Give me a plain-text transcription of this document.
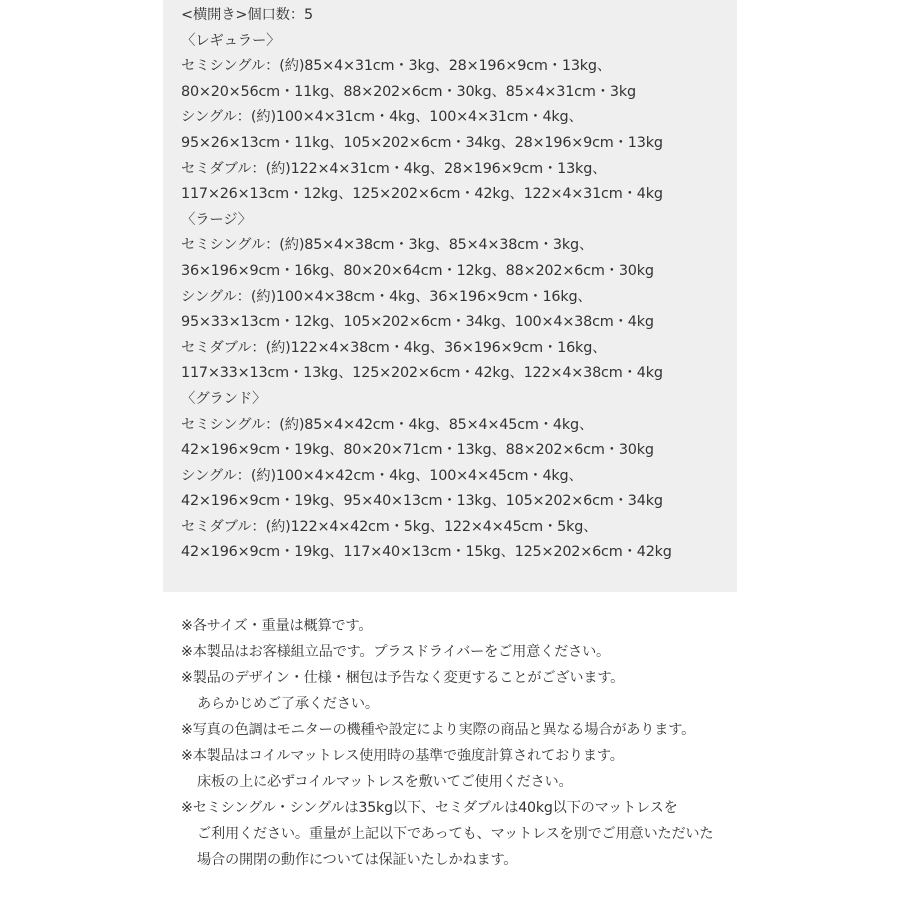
<横開き>個口数：5
〈レギュラー〉
セミシングル：(約)85×4×31cm・3kg、28×196×9cm・13kg、
80×20×56cm・11kg、88×202×6cm・30kg、85×4×31cm・3kg
シングル：(約)100×4×31cm・4kg、100×4×31cm・4kg、
95×26×13cm・11kg、105×202×6cm・34kg、28×196×9cm・13kg
セミダブル：(約)122×4×31cm・4kg、28×196×9cm・13kg、
117×26×13cm・12kg、125×202×6cm・42kg、122×4×31cm・4kg
〈ラージ〉
セミシングル：(約)85×4×38cm・3kg、85×4×38cm・3kg、
36×196×9cm・16kg、80×20×64cm・12kg、88×202×6cm・30kg
シングル：(約)100×4×38cm・4kg、36×196×9cm・16kg、
95×33×13cm・12kg、105×202×6cm・34kg、100×4×38cm・4kg
セミダブル：(約)122×4×38cm・4kg、36×196×9cm・16kg、
117×33×13cm・13kg、125×202×6cm・42kg、122×4×38cm・4kg
〈グランド〉
セミシングル：(約)85×4×42cm・4kg、85×4×45cm・4kg、
42×196×9cm・19kg、80×20×71cm・13kg、88×202×6cm・30kg
シングル：(約)100×4×42cm・4kg、100×4×45cm・4kg、
42×196×9cm・19kg、95×40×13cm・13kg、105×202×6cm・34kg
セミダブル：(約)122×4×42cm・5kg、122×4×45cm・5kg、
42×196×9cm・19kg、117×40×13cm・15kg、125×202×6cm・42kg
※各サイズ・重量は概算です。
※本製品はお客様組立品です。プラスドライバーをご用意ください。
※製品のデザイン・仕様・梱包は予告なく変更することがございます。
あらかじめご了承ください。
※写真の色調はモニターの機種や設定により実際の商品と異なる場合があります。
※本製品はコイルマットレス使用時の基準で強度計算されております。
床板の上に必ずコイルマットレスを敷いてご使用ください。
※セミシングル・シングルは35kg以下、セミダブルは40kg以下のマットレスを
ご利用ください。重量が上記以下であっても、マットレスを別でご用意いただいた
場合の開閉の動作については保証いたしかねます。
